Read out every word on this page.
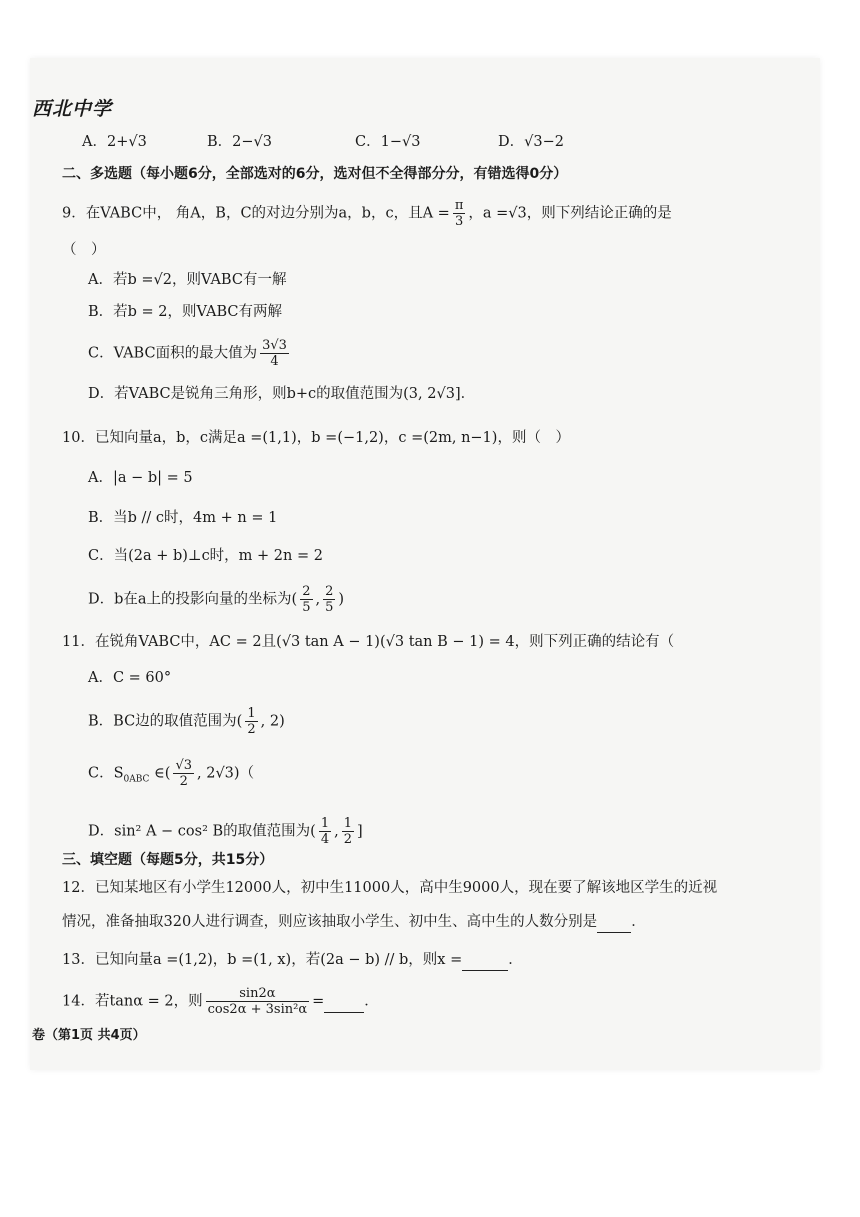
西北中学
A．2+√3	B．2−√3	C．1−√3	D．√3−2
二、多选题（每小题6分，全部选对的6分，选对但不全得部分分，有错选得0分）
9．在VABC中， 角A，B，C的对边分别为a，b，c，且$A = \frac{\pi}{3}$ ，a =√3，则下列结论正确的是
（　）
A．若b =√2，则VABC有一解
B．若b = 2，则VABC有两解
C．VABC面积的最大值为 $\frac{3√3}{4}$
D．若VABC是锐角三角形，则b+c的取值范围为(3, 2√3]．
10．已知向量a，b，c满足a =(1,1)，b =(−1,2)，c =(2m, n−1)，则（　）
A．|a − b| = 5
B．当b // c时，4m + n = 1
C．当(2a + b)⊥c时，m + 2n = 2
D．b在a上的投影向量的坐标为( $\frac{2}{5}$ , $\frac{2}{5}$ )
11．在锐角VABC中，AC = 2且(√3 tan A − 1)(√3 tan B − 1) = 4，则下列正确的结论有（
A．C = 60°
B．BC边的取值范围为( $\frac{1}{2}$ , 2)
C．$S_{0ABC}$ ∈( $\frac{√3}{2}$ , 2√3)（
D．sin² A − cos² B的取值范围为( $\frac{1}{4}$ , $\frac{1}{2}$ ]
三、填空题（每题5分，共15分）
12．已知某地区有小学生12000人，初中生11000人，高中生9000人，现在要了解该地区学生的近视
情况，准备抽取320人进行调查，则应该抽取小学生、初中生、高中生的人数分别是 ．
13．已知向量a =(1,2)，b =(1, x)，若(2a − b) // b，则x =	．
14．若tanα = 2，则 $\frac{\sin 2\alpha}{\text{cos2α + 3sin²α}}$ =	．
卷（第1页 共4页）
